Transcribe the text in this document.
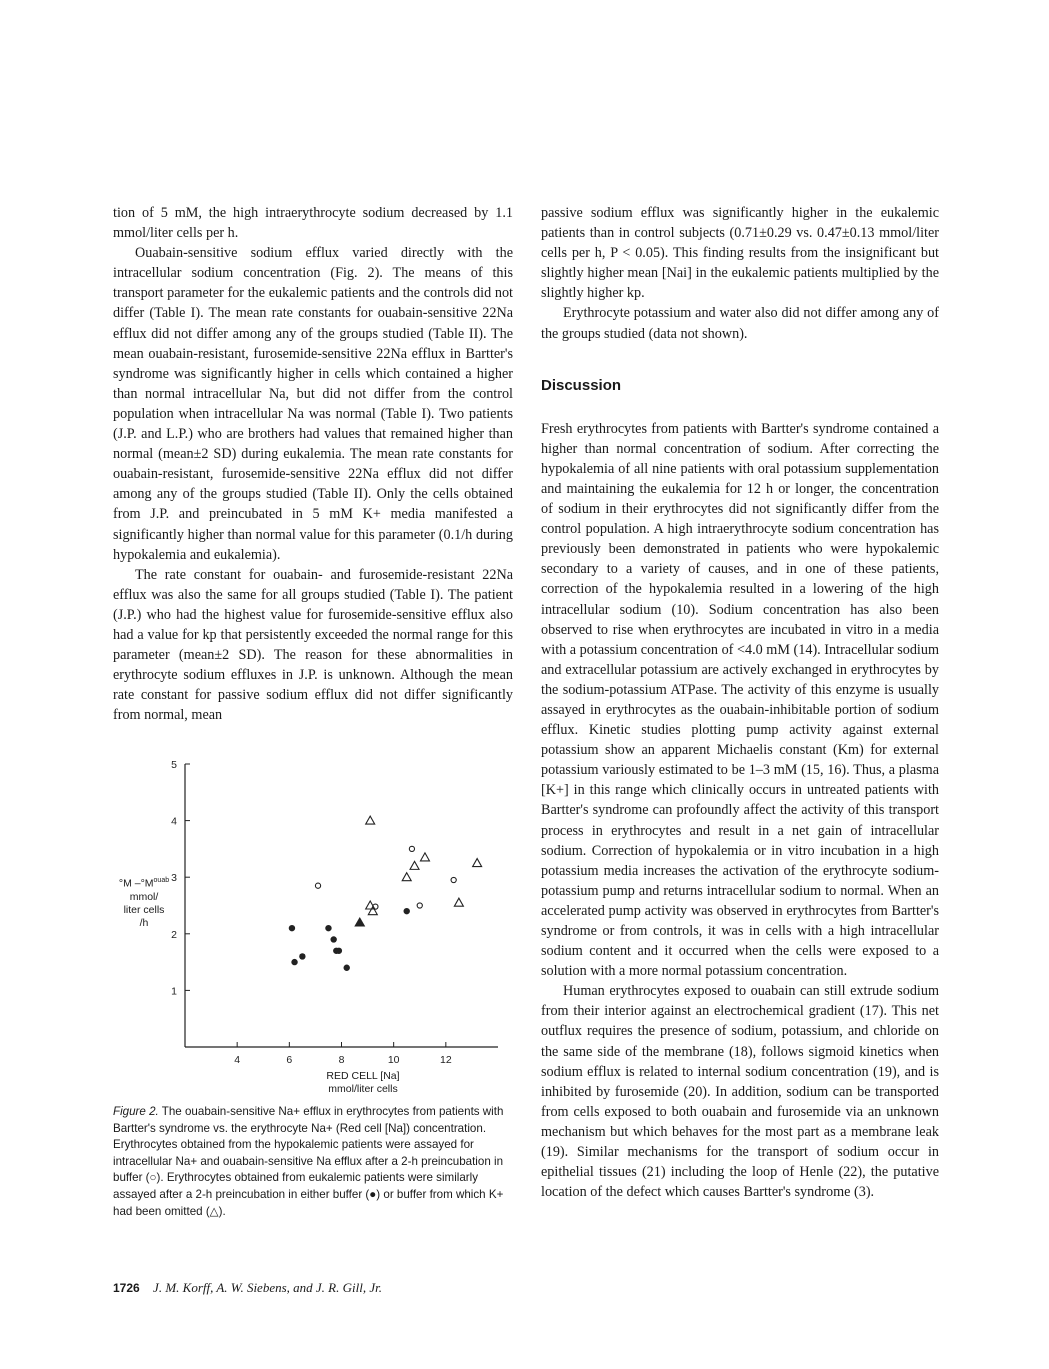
tion of 5 mM, the high intraerythrocyte sodium decreased by 1.1 mmol/liter cells per h.

Ouabain-sensitive sodium efflux varied directly with the intracellular sodium concentration (Fig. 2). The means of this transport parameter for the eukalemic patients and the controls did not differ (Table I). The mean rate constants for ouabain-sensitive 22Na efflux did not differ among any of the groups studied (Table II). The mean ouabain-resistant, furosemide-sensitive 22Na efflux in Bartter's syndrome was significantly higher in cells which contained a higher than normal intracellular Na, but did not differ from the control population when intracellular Na was normal (Table I). Two patients (J.P. and L.P.) who are brothers had values that remained higher than normal (mean±2 SD) during eukalemia. The mean rate constants for ouabain-resistant, furosemide-sensitive 22Na efflux did not differ among any of the groups studied (Table II). Only the cells obtained from J.P. and preincubated in 5 mM K+ media manifested a significantly higher than normal value for this parameter (0.1/h during hypokalemia and eukalemia).

The rate constant for ouabain- and furosemide-resistant 22Na efflux was also the same for all groups studied (Table I). The patient (J.P.) who had the highest value for furosemide-sensitive efflux also had a value for kp that persistently exceeded the normal range for this parameter (mean±2 SD). The reason for these abnormalities in erythrocyte sodium effluxes in J.P. is unknown. Although the mean rate constant for passive sodium efflux did not differ significantly from normal, mean

passive sodium efflux was significantly higher in the eukalemic patients than in control subjects (0.71±0.29 vs. 0.47±0.13 mmol/liter cells per h, P < 0.05). This finding results from the insignificant but slightly higher mean [Nai] in the eukalemic patients multiplied by the slightly higher kp.

Erythrocyte potassium and water also did not differ among any of the groups studied (data not shown).

Discussion

Fresh erythrocytes from patients with Bartter's syndrome contained a higher than normal concentration of sodium. After correcting the hypokalemia of all nine patients with oral potassium supplementation and maintaining the eukalemia for 12 h or longer, the concentration of sodium in their erythrocytes did not significantly differ from the control population. A high intraerythrocyte sodium concentration has previously been demonstrated in patients who were hypokalemic secondary to a variety of causes, and in one of these patients, correction of the hypokalemia resulted in a lowering of the high intracellular sodium (10). Sodium concentration has also been observed to rise when erythrocytes are incubated in vitro in a media with a potassium concentration of <4.0 mM (14). Intracellular sodium and extracellular potassium are actively exchanged in erythrocytes by the sodium-potassium ATPase. The activity of this enzyme is usually assayed in erythrocytes as the ouabain-inhibitable portion of sodium efflux. Kinetic studies plotting pump activity against external potassium show an apparent Michaelis constant (Km) for external potassium variously estimated to be 1–3 mM (15, 16). Thus, a plasma [K+] in this range which clinically occurs in untreated patients with Bartter's syndrome can profoundly affect the activity of this transport process in erythrocytes and result in a net gain of intracellular sodium. Correction of hypokalemia or in vitro incubation in a high potassium media increases the activation of the erythrocyte sodium-potassium pump and returns intracellular sodium to normal. When an accelerated pump activity was observed in erythrocytes from Bartter's syndrome or from controls, it was in cells with a high intracellular sodium content and it occurred when the cells were exposed to a solution with a more normal potassium concentration.

Human erythrocytes exposed to ouabain can still extrude sodium from their interior against an electrochemical gradient (17). This net outflux requires the presence of sodium, potassium, and chloride on the same side of the membrane (18), follows sigmoid kinetics when sodium efflux is related to internal sodium concentration (19), and is inhibited by furosemide (20). In addition, sodium can be transported from cells exposed to both ouabain and furosemide via an unknown mechanism but which behaves for the most part as a membrane leak (19). Similar mechanisms for the transport of sodium occur in epithelial tissues (21) including the loop of Henle (22), the putative location of the defect which causes Bartter's syndrome (3).

1
2
3
4
5
4	6	8	10	12
°M $-^\circ M^{ouab}$
mmol/
liter cells
/h
RED CELL [Na]
mmol/liter cells
Figure 2. The ouabain-sensitive Na+ efflux in erythrocytes from patients with Bartter's syndrome vs. the erythrocyte Na+ (Red cell [Na]) concentration. Erythrocytes obtained from the hypokalemic patients were assayed for intracellular Na+ and ouabain-sensitive Na efflux after a 2-h preincubation in buffer (○). Erythrocytes obtained from eukalemic patients were similarly assayed after a 2-h preincubation in either buffer (●) or buffer from which K+ had been omitted (△).
1726 J. M. Korff, A. W. Siebens, and J. R. Gill, Jr.
